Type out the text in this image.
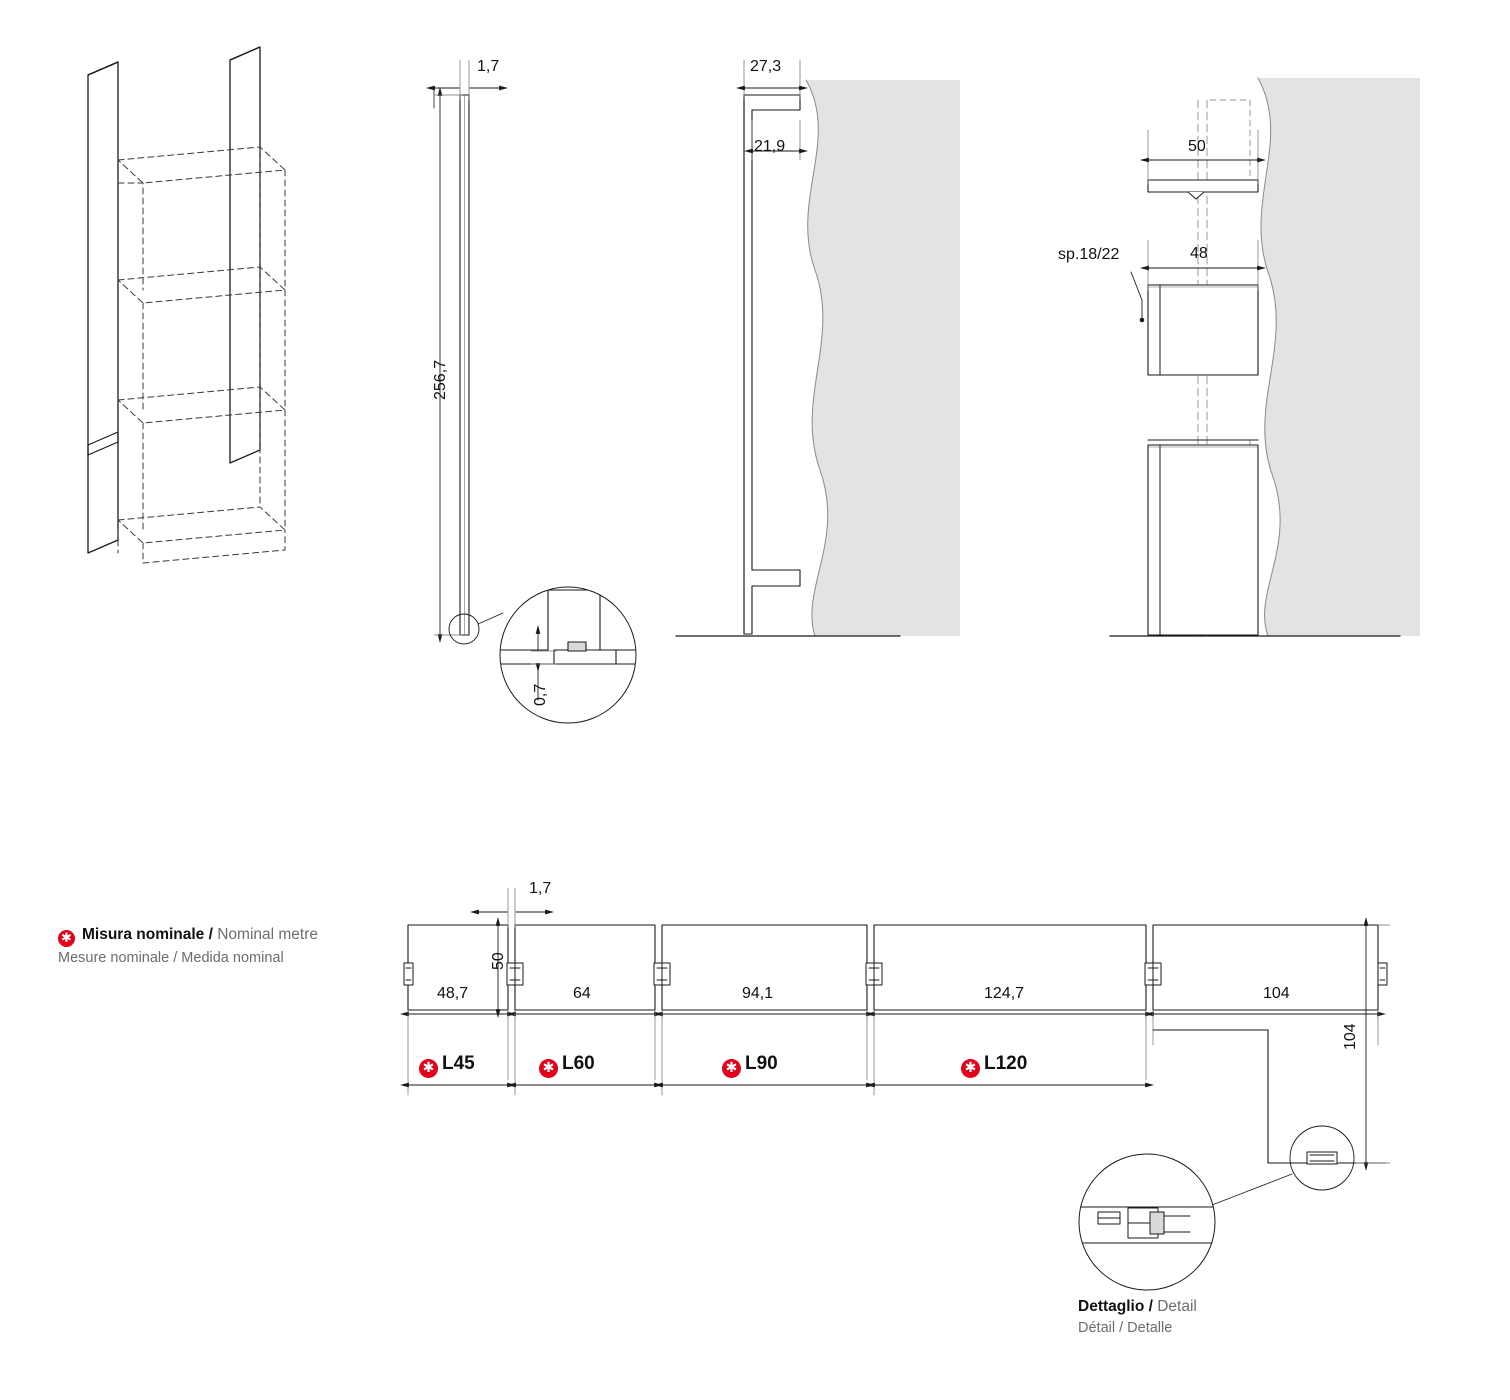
1,7
256,7
0,7
27,3
21,9	50
48
sp.18/22
1,7
50
104
48,7	64	94,1	124,7	104
✱ L45	✱ L60	✱ L90	✱ L120
✱ Misura nominale / Nominal metre
Mesure nominale / Medida nominal
Dettaglio / Detail
Détail / Detalle
